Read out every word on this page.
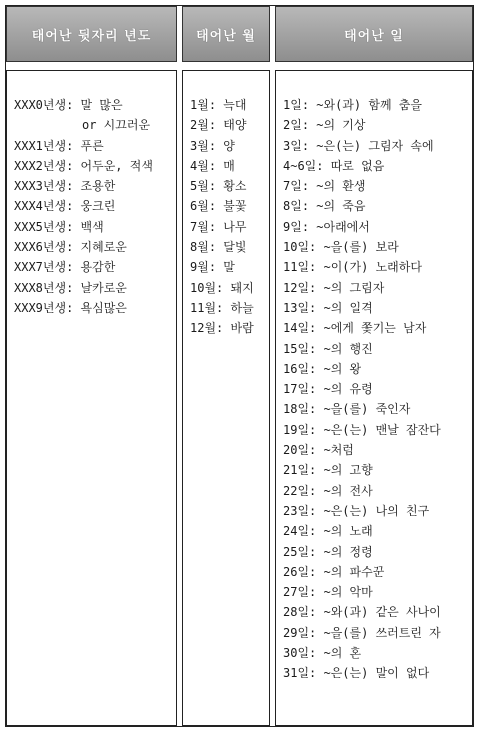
태어난 뒷자리 년도	태어난 월	태어난 일
XXX0년생: 말 많은
or 시끄러운
XXX1년생: 푸른
XXX2년생: 어두운, 적색
XXX3년생: 조용한
XXX4년생: 웅크린
XXX5년생: 백색
XXX6년생: 지혜로운
XXX7년생: 용감한
XXX8년생: 날카로운
XXX9년생: 욕심많은
1월: 늑대
2월: 태양
3월: 양
4월: 매
5월: 황소
6월: 불꽃
7월: 나무
8월: 달빛
9월: 말
10월: 돼지
11월: 하늘
12월: 바람
1일: ~와(과) 함께 춤을
2일: ~의 기상
3일: ~은(는) 그림자 속에
4~6일: 따로 없음
7일: ~의 환생
8일: ~의 죽음
9일: ~아래에서
10일: ~을(를) 보라
11일: ~이(가) 노래하다
12일: ~의 그림자
13일: ~의 일격
14일: ~에게 쫓기는 남자
15일: ~의 행진
16일: ~의 왕
17일: ~의 유령
18일: ~을(를) 죽인자
19일: ~은(는) 맨날 잠잔다
20일: ~처럼
21일: ~의 고향
22일: ~의 전사
23일: ~은(는) 나의 친구
24일: ~의 노래
25일: ~의 정령
26일: ~의 파수꾼
27일: ~의 악마
28일: ~와(과) 같은 사나이
29일: ~을(를) 쓰러트린 자
30일: ~의 혼
31일: ~은(는) 말이 없다
